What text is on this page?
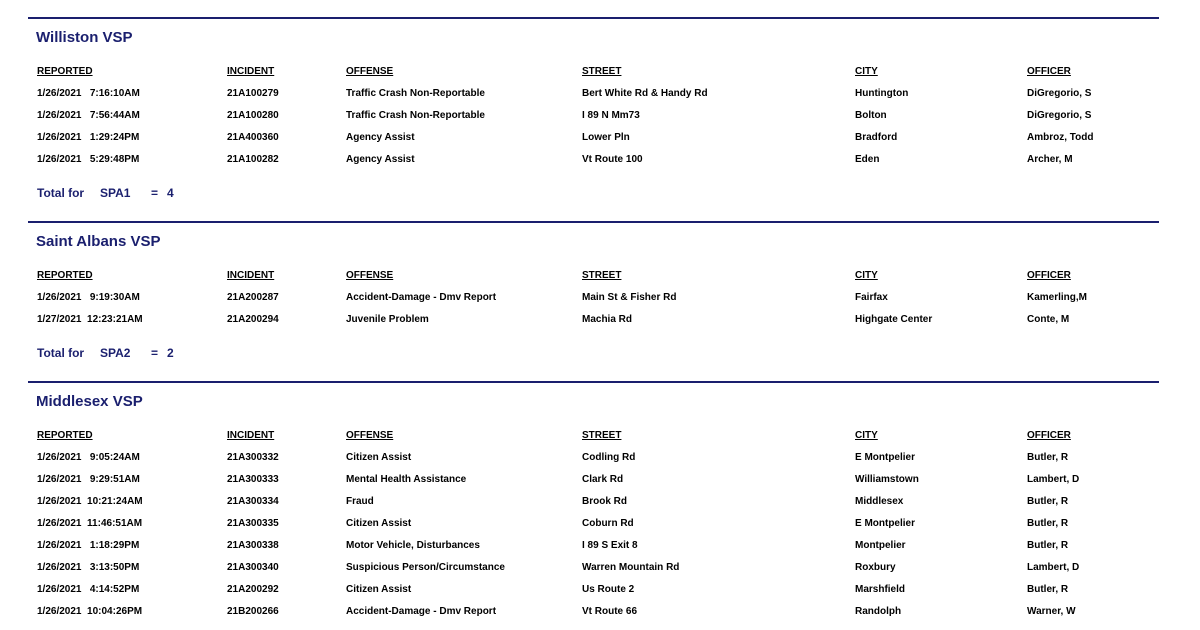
Williston VSP
REPORTED	INCIDENT	OFFENSE	STREET	CITY	OFFICER
1/26/2021   7:16:10AM	21A100279	Traffic Crash Non-Reportable	Bert White Rd & Handy Rd	Huntington	DiGregorio, S
1/26/2021   7:56:44AM	21A100280	Traffic Crash Non-Reportable	I 89 N Mm73	Bolton	DiGregorio, S
1/26/2021   1:29:24PM	21A400360	Agency Assist	Lower Pln	Bradford	Ambroz, Todd
1/26/2021   5:29:48PM	21A100282	Agency Assist	Vt Route 100	Eden	Archer, M
Total for SPA1 = 4
Saint Albans VSP
REPORTED	INCIDENT	OFFENSE	STREET	CITY	OFFICER
1/26/2021   9:19:30AM	21A200287	Accident-Damage - Dmv Report	Main St & Fisher Rd	Fairfax	Kamerling,M
1/27/2021  12:23:21AM	21A200294	Juvenile Problem	Machia Rd	Highgate Center	Conte, M
Total for SPA2 = 2
Middlesex VSP
REPORTED	INCIDENT	OFFENSE	STREET	CITY	OFFICER
1/26/2021   9:05:24AM	21A300332	Citizen Assist	Codling Rd	E Montpelier	Butler, R
1/26/2021   9:29:51AM	21A300333	Mental Health Assistance	Clark Rd	Williamstown	Lambert, D
1/26/2021  10:21:24AM	21A300334	Fraud	Brook Rd	Middlesex	Butler, R
1/26/2021  11:46:51AM	21A300335	Citizen Assist	Coburn Rd	E Montpelier	Butler, R
1/26/2021   1:18:29PM	21A300338	Motor Vehicle, Disturbances	I 89 S Exit 8	Montpelier	Butler, R
1/26/2021   3:13:50PM	21A300340	Suspicious Person/Circumstance	Warren Mountain Rd	Roxbury	Lambert, D
1/26/2021   4:14:52PM	21A200292	Citizen Assist	Us Route 2	Marshfield	Butler, R
1/26/2021  10:04:26PM	21B200266	Accident-Damage - Dmv Report	Vt Route 66	Randolph	Warner, W
